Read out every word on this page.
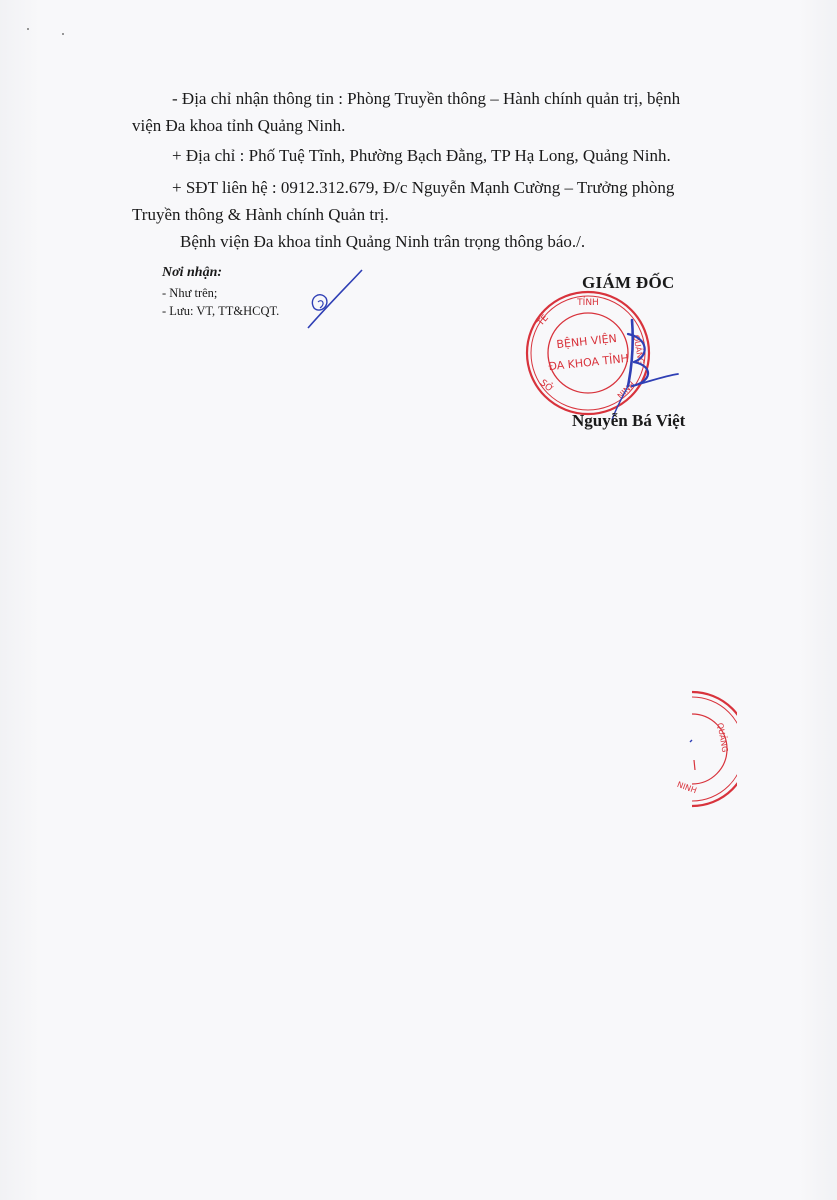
- Địa chỉ nhận thông tin : Phòng Truyền thông – Hành chính quản trị, bệnh
viện Đa khoa tỉnh Quảng Ninh.
+ Địa chỉ : Phố Tuệ Tĩnh, Phường Bạch Đằng, TP Hạ Long, Quảng Ninh.
+ SĐT liên hệ : 0912.312.679, Đ/c Nguyễn Mạnh Cường – Trưởng phòng
Truyền thông & Hành chính Quản trị.
Bệnh viện Đa khoa tỉnh Quảng Ninh trân trọng thông báo./.
Nơi nhận:
- Như trên;
- Lưu: VT, TT&HCQT.
GIÁM ĐỐC
TỈNH
TẾ
QUẢNG
SỞ	NINH
BỆNH VIỆN
ĐA KHOA TỈNH
Nguyễn Bá Việt
QUẢNG
NINH
